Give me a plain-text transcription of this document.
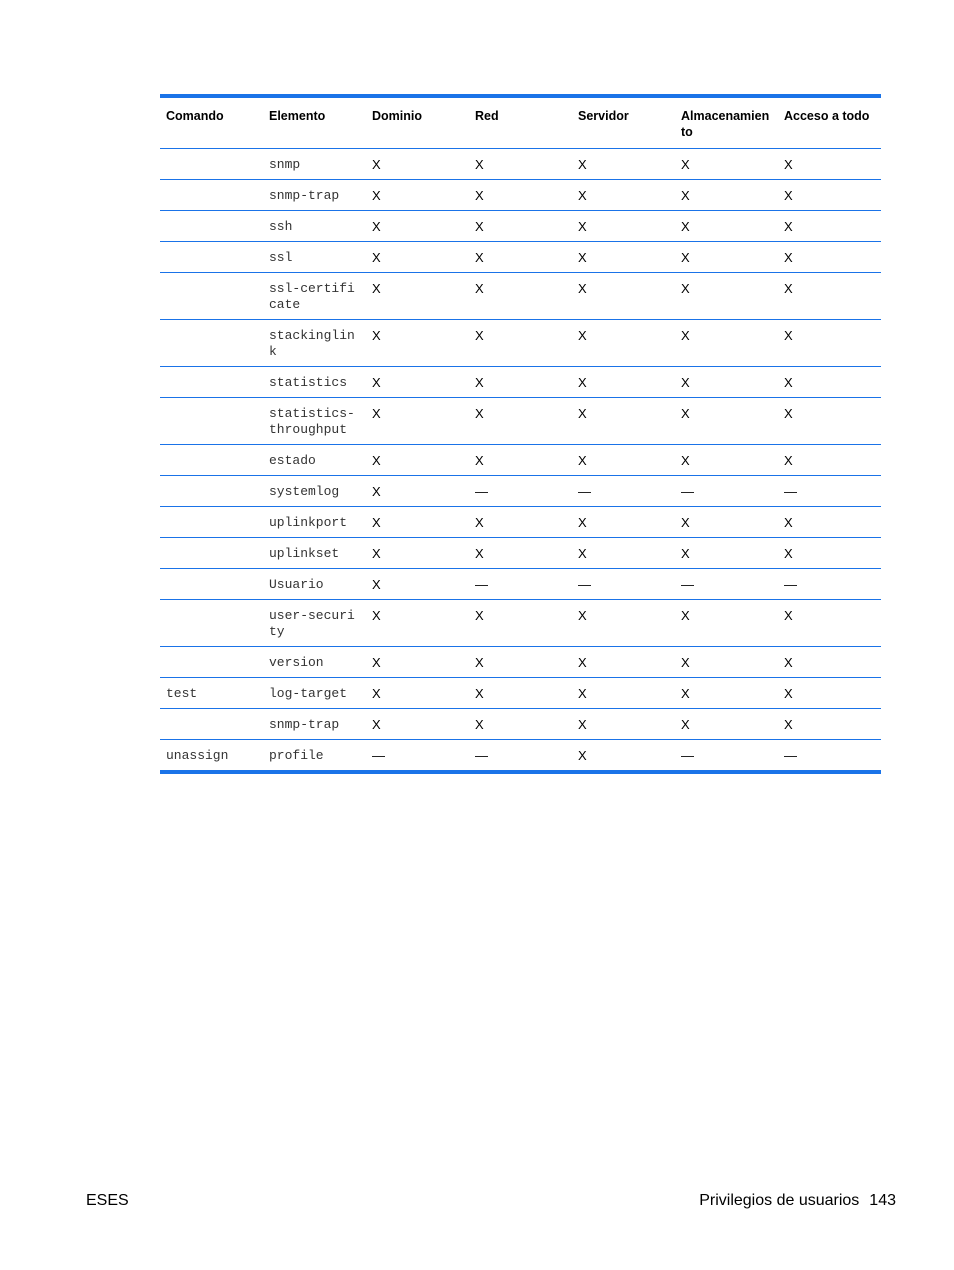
Comando	Elemento	Dominio	Red	Servidor	Almacenamiento	Acceso a todo
	snmp	X	X	X	X	X
	snmp-trap	X	X	X	X	X
	ssh	X	X	X	X	X
	ssl	X	X	X	X	X
	ssl-certificate	X	X	X	X	X
	stackinglink	X	X	X	X	X
	statistics	X	X	X	X	X
	statistics-throughput	X	X	X	X	X
	estado	X	X	X	X	X
	systemlog	X	—	—	—	—
	uplinkport	X	X	X	X	X
	uplinkset	X	X	X	X	X
	Usuario	X	—	—	—	—
	user-security	X	X	X	X	X
	version	X	X	X	X	X
test	log-target	X	X	X	X	X
	snmp-trap	X	X	X	X	X
unassign	profile	—	—	X	—	—
ESES	Privilegios de usuarios 143
